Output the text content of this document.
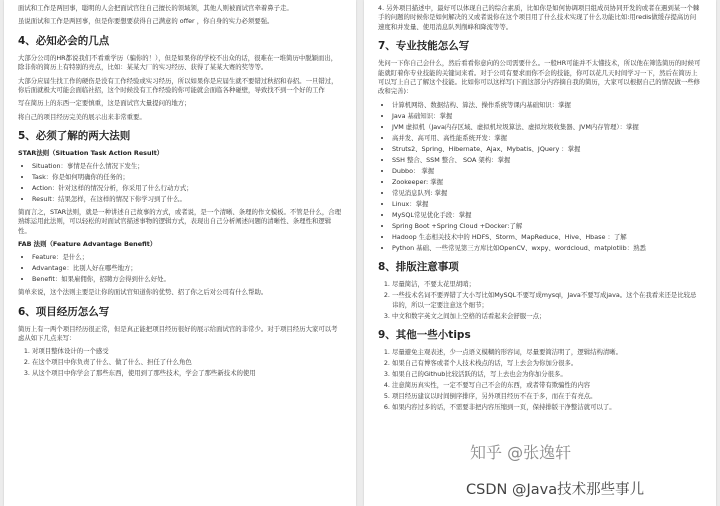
面试和工作是两回事，聪明的人会把面试官往自己擅长的领域领，其他人则被面试官牵着鼻子走。

虽说面试和工作是两回事，但是你要想要获得自己满意的 offer ，你自身的实力必须要强。

4、必知必会的几点

大部分公司的HR都说我们不看重学历（骗你的！），但是如果你的学校不出众的话，很难在一堆简历中脱颖而出，除非你的简历上有特别的亮点，比如：某某大厂的实习经历、获得了某某大赛的奖等等。

大部分应届生找工作的硬伤是没有工作经验或实习经历，所以如果你是应届生就不要错过秋招和春招。一旦错过，你后面就极大可能会面临社招，这个时候没有工作经验的你可能就会面临各种碰壁，导致找不到一个好的工作

写在简历上的东西一定要慎重，这是面试官大量提问的地方；

将自己的项目经历完美的展示出来非常重要。

5、必须了解的两大法则

STAR法则（Situation Task Action Result）

• Situation：事情是在什么情况下发生；
• Task：你是如何明确你的任务的；
• Action：针对这样的情况分析，你采用了什么行动方式；
• Result：结果怎样，在这样的情况下你学习到了什么。

简而言之，STAR法则，就是一种讲述自己故事的方式，或者说，是一个清晰、条理的作文模板。不管是什么，合理熟练运用此法则，可以轻松的对面试官描述事物的逻辑方式，表现出自己分析阐述问题的清晰性、条理性和逻辑性。

FAB 法则（Feature Advantage Benefit）

• Feature：是什么；
• Advantage：比别人好在哪些地方；
• Benefit：如果雇佣你，招聘方会得到什么好处。

简单来说，这个法则主要是让你的面试官知道你的优势、招了你之后对公司有什么帮助。

6、项目经历怎么写

简历上有一两个项目经历很正常，但是真正能把项目经历很好的展示给面试官的非常少。对于项目经历大家可以考虑从如下几点来写：

1. 对项目整体设计的一个感受
2. 在这个项目中你负责了什么、做了什么、担任了什么角色
3. 从这个项目中你学会了那些东西，使用到了那些技术，学会了那些新技术的使用
4. 另外项目描述中，最好可以体现自己的综合素质，比如你是如何协调项目组成员协同开发的或者在遇到某一个棘手的问题的时候你是如何解决的又或者说你在这个项目用了什么技术实现了什么功能比如:用redis做缓存提高访问速度和并发量、使用消息队列削峰和降流等等。
7、专业技能怎么写

先问一下你自己会什么，然后看看你意向的公司需要什么。一般HR可能并不太懂技术，所以他在筛选简历的时候可能就盯着你专业技能的关键词来看。对于公司有要求而你不会的技能，你可以花几天时间学习一下，然后在简历上可以写上自己了解这个技能。比如你可以这样写(下面这部分内容摘自我的简历，大家可以根据自己的情况做一些修改和完善)：

• 计算机网络、数据结构、算法、操作系统等课内基础知识：掌握
• Java 基础知识：掌握
• JVM 虚拟机（Java内存区域、虚拟机垃圾算法、虚拟垃圾收集器、JVM内存管理）：掌握
• 高并发、高可用、高性能系统开发：掌握
• Struts2、Spring、Hibernate、Ajax、Mybatis、JQuery ：掌握
• SSH 整合、SSM 整合、 SOA 架构：掌握
• Dubbo： 掌握
• Zookeeper: 掌握
• 常见消息队列: 掌握
• Linux：掌握
• MySQL常见优化手段：掌握
• Spring Boot +Spring Cloud +Docker:了解
• Hadoop 生态相关技术中的 HDFS、Storm、MapReduce、Hive、Hbase ：了解
• Python 基础、一些常见第三方库比如OpenCV、wxpy、wordcloud、matplotlib：熟悉
8、排版注意事项
1. 尽量简洁，不要太花里胡哨；
2. 一些技术名词不要弄错了大小写比如MySQL不要写成mysql，Java不要写成java。这个在我看来还是比较忌讳的，所以一定要注意这个细节；
3. 中文和数字英文之间加上空格的话看起来会舒服一点；
9、其他一些小tips
1. 尽量避免主观表述，少一点语义模糊的形容词，尽量要简洁明了，逻辑结构清晰。
2. 如果自己有博客或者个人技术栈点的话，写上去会为你加分很多。
3. 如果自己的Github比较活跃的话，写上去也会为你加分很多。
4. 注意简历真实性，一定不要写自己不会的东西，或者带有欺骗性的内容
5. 项目经历建议以时间倒序排序，另外项目经历不在于多，而在于有亮点。
6. 如果内容过多的话，不需要非把内容压缩到一页，保持排版干净整洁就可以了。
知乎 @张逸轩
CSDN @Java技术那些事儿
